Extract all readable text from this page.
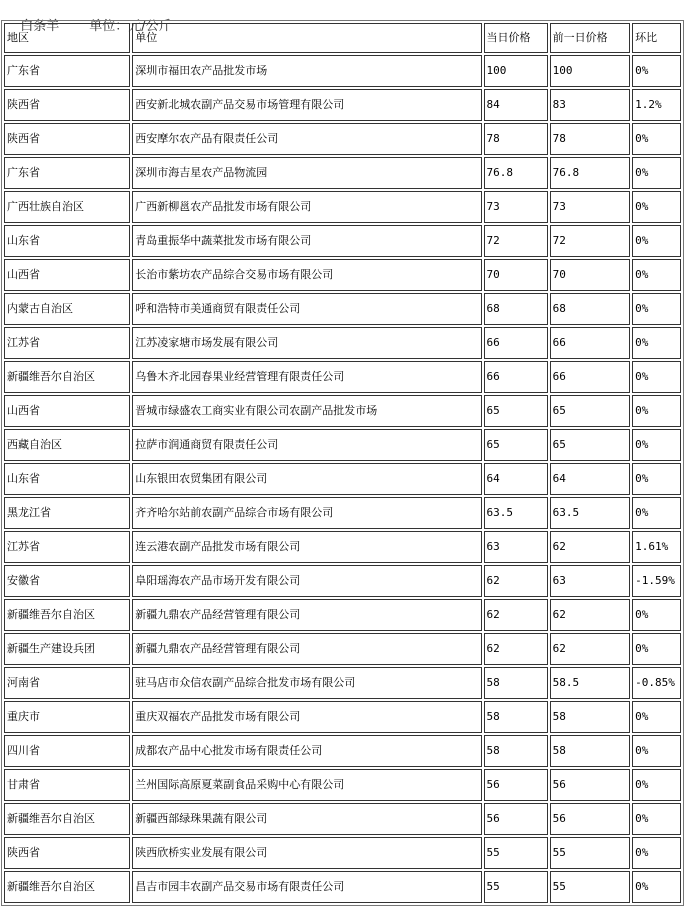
白条羊 单位：元/公斤

地区	单位	当日价格	前一日价格	环比
广东省	深圳市福田农产品批发市场	100	100	0%
陕西省	西安新北城农副产品交易市场管理有限公司	84	83	1.2%
陕西省	西安摩尔农产品有限责任公司	78	78	0%
广东省	深圳市海吉星农产品物流园	76.8	76.8	0%
广西壮族自治区	广西新柳邕农产品批发市场有限公司	73	73	0%
山东省	青岛重振华中蔬菜批发市场有限公司	72	72	0%
山西省	长治市紫坊农产品综合交易市场有限公司	70	70	0%
内蒙古自治区	呼和浩特市美通商贸有限责任公司	68	68	0%
江苏省	江苏凌家塘市场发展有限公司	66	66	0%
新疆维吾尔自治区	乌鲁木齐北园春果业经营管理有限责任公司	66	66	0%
山西省	晋城市绿盛农工商实业有限公司农副产品批发市场	65	65	0%
西藏自治区	拉萨市润通商贸有限责任公司	65	65	0%
山东省	山东银田农贸集团有限公司	64	64	0%
黑龙江省	齐齐哈尔站前农副产品综合市场有限公司	63.5	63.5	0%
江苏省	连云港农副产品批发市场有限公司	63	62	1.61%
安徽省	阜阳瑶海农产品市场开发有限公司	62	63	-1.59%
新疆维吾尔自治区	新疆九鼎农产品经营管理有限公司	62	62	0%
新疆生产建设兵团	新疆九鼎农产品经营管理有限公司	62	62	0%
河南省	驻马店市众信农副产品综合批发市场有限公司	58	58.5	-0.85%
重庆市	重庆双福农产品批发市场有限公司	58	58	0%
四川省	成都农产品中心批发市场有限责任公司	58	58	0%
甘肃省	兰州国际高原夏菜副食品采购中心有限公司	56	56	0%
新疆维吾尔自治区	新疆西部绿珠果蔬有限公司	56	56	0%
陕西省	陕西欣桥实业发展有限公司	55	55	0%
新疆维吾尔自治区	昌吉市园丰农副产品交易市场有限责任公司	55	55	0%
